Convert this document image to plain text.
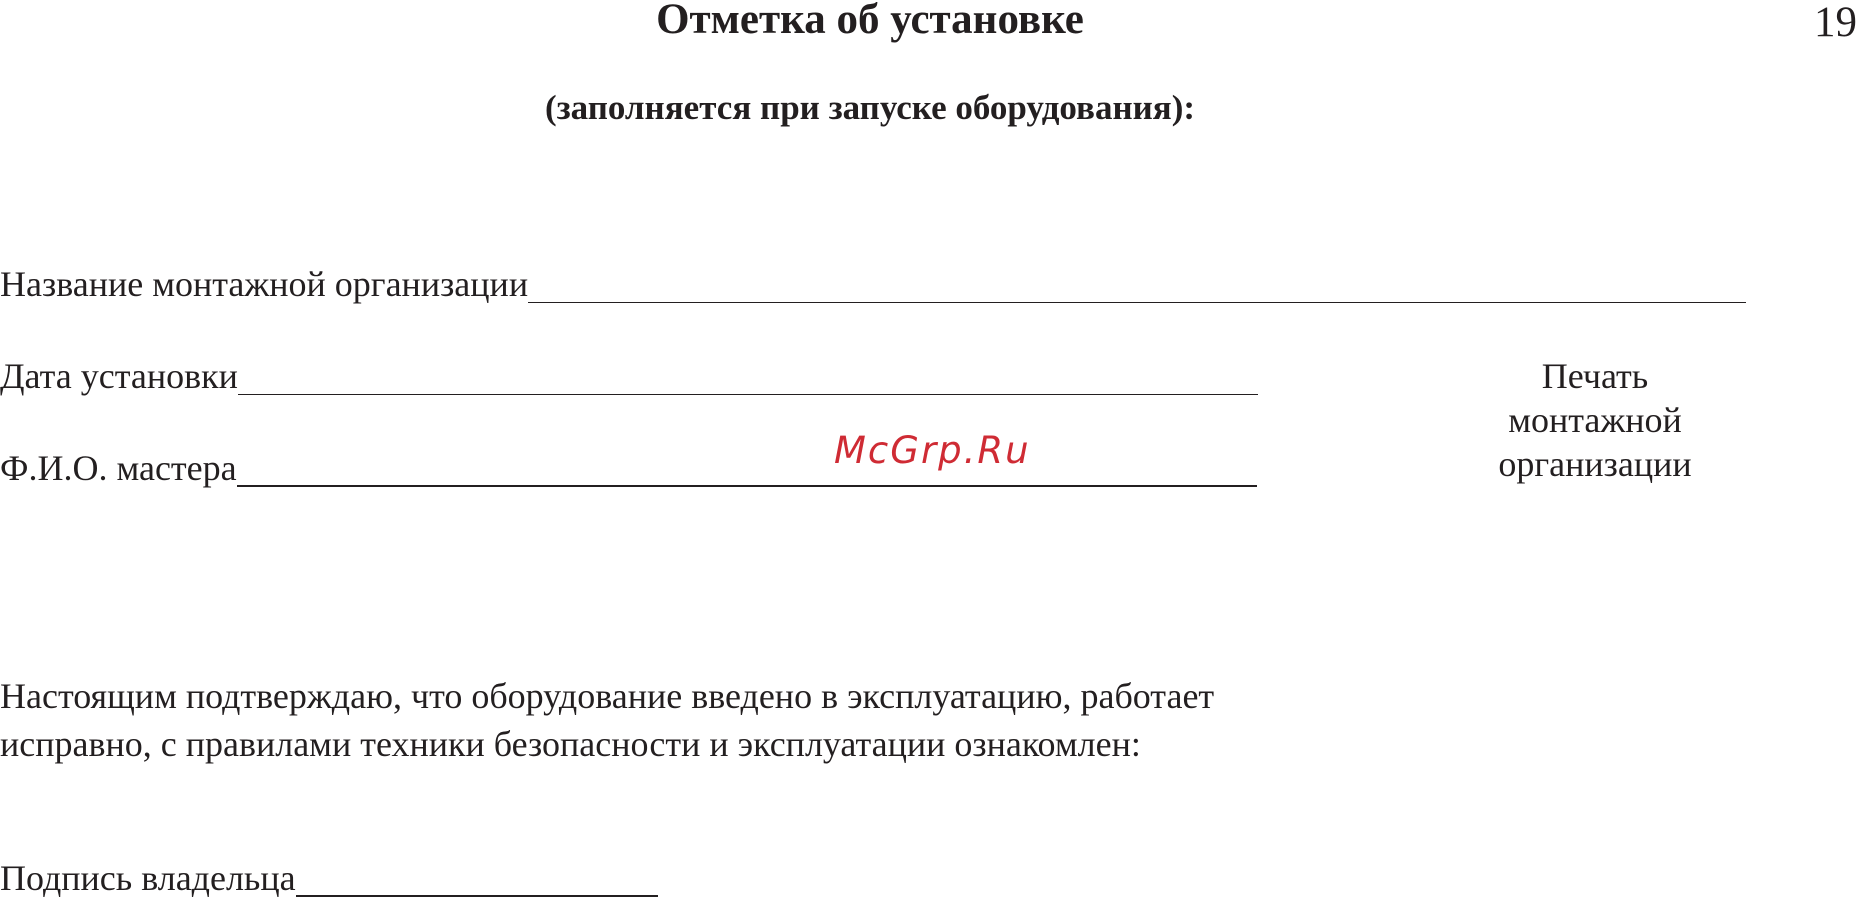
Отметка об установке	19
(заполняется при запуске оборудования):
Название монтажной организации
Дата установки
Ф.И.О. мастера
Печать
монтажной
организации
McGrp.Ru
Настоящим подтверждаю, что оборудование введено в эксплуатацию, работает
исправно, с правилами техники безопасности и эксплуатации ознакомлен:
Подпись владельца
